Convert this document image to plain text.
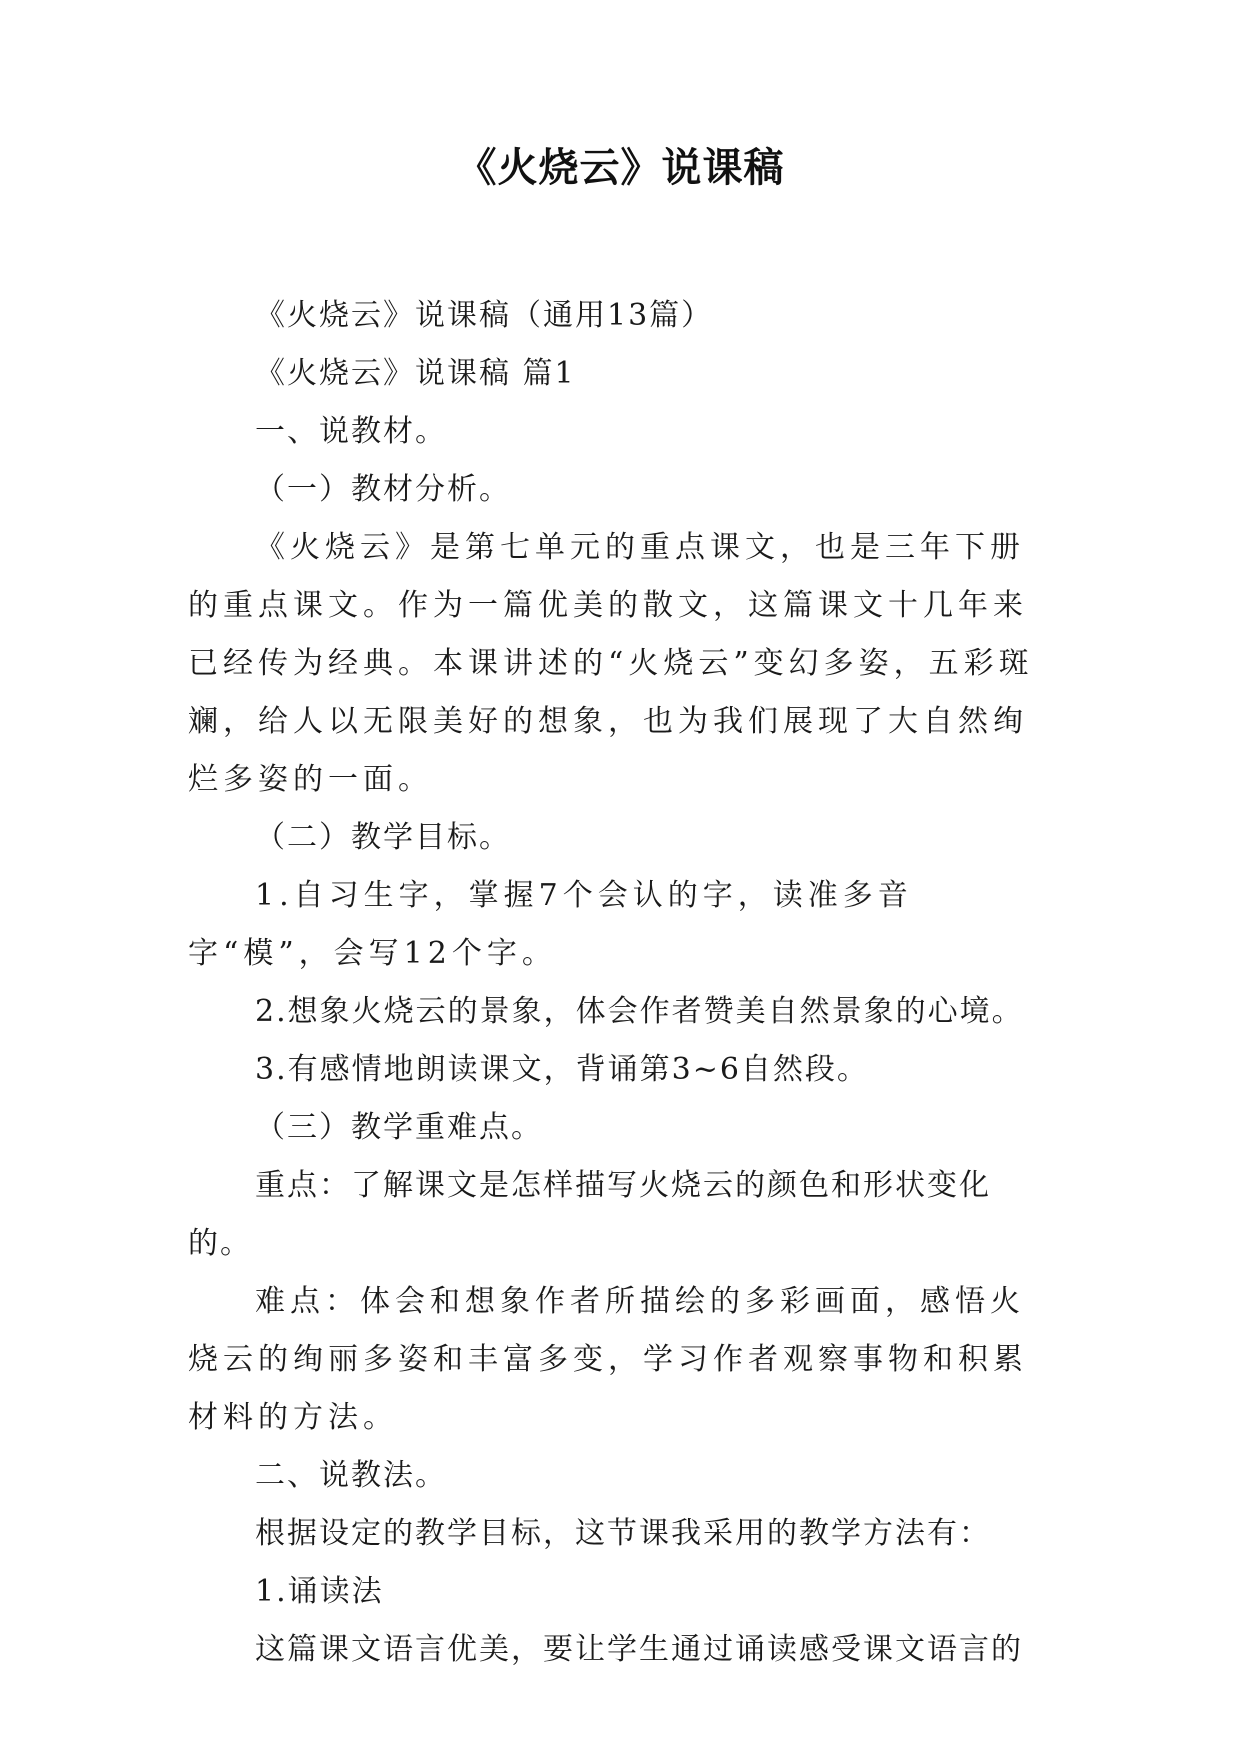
《火烧云》说课稿

《火烧云》说课稿（通用13篇）

《火烧云》说课稿 篇1

一、说教材。

（一）教材分析。

《火烧云》是第七单元的重点课文，也是三年下册的重点课文。作为一篇优美的散文，这篇课文十几年来已经传为经典。本课讲述的“火烧云”变幻多姿，五彩斑斓，给人以无限美好的想象，也为我们展现了大自然绚烂多姿的一面。

（二）教学目标。

1.自习生字，掌握7个会认的字，读准多音字“模”，会写12个字。

2.想象火烧云的景象，体会作者赞美自然景象的心境。

3.有感情地朗读课文，背诵第3~6自然段。

（三）教学重难点。

重点：了解课文是怎样描写火烧云的颜色和形状变化的。

难点：体会和想象作者所描绘的多彩画面，感悟火烧云的绚丽多姿和丰富多变，学习作者观察事物和积累材料的方法。

二、说教法。

根据设定的教学目标，这节课我采用的教学方法有：

1.诵读法

这篇课文语言优美，要让学生通过诵读感受课文语言的
